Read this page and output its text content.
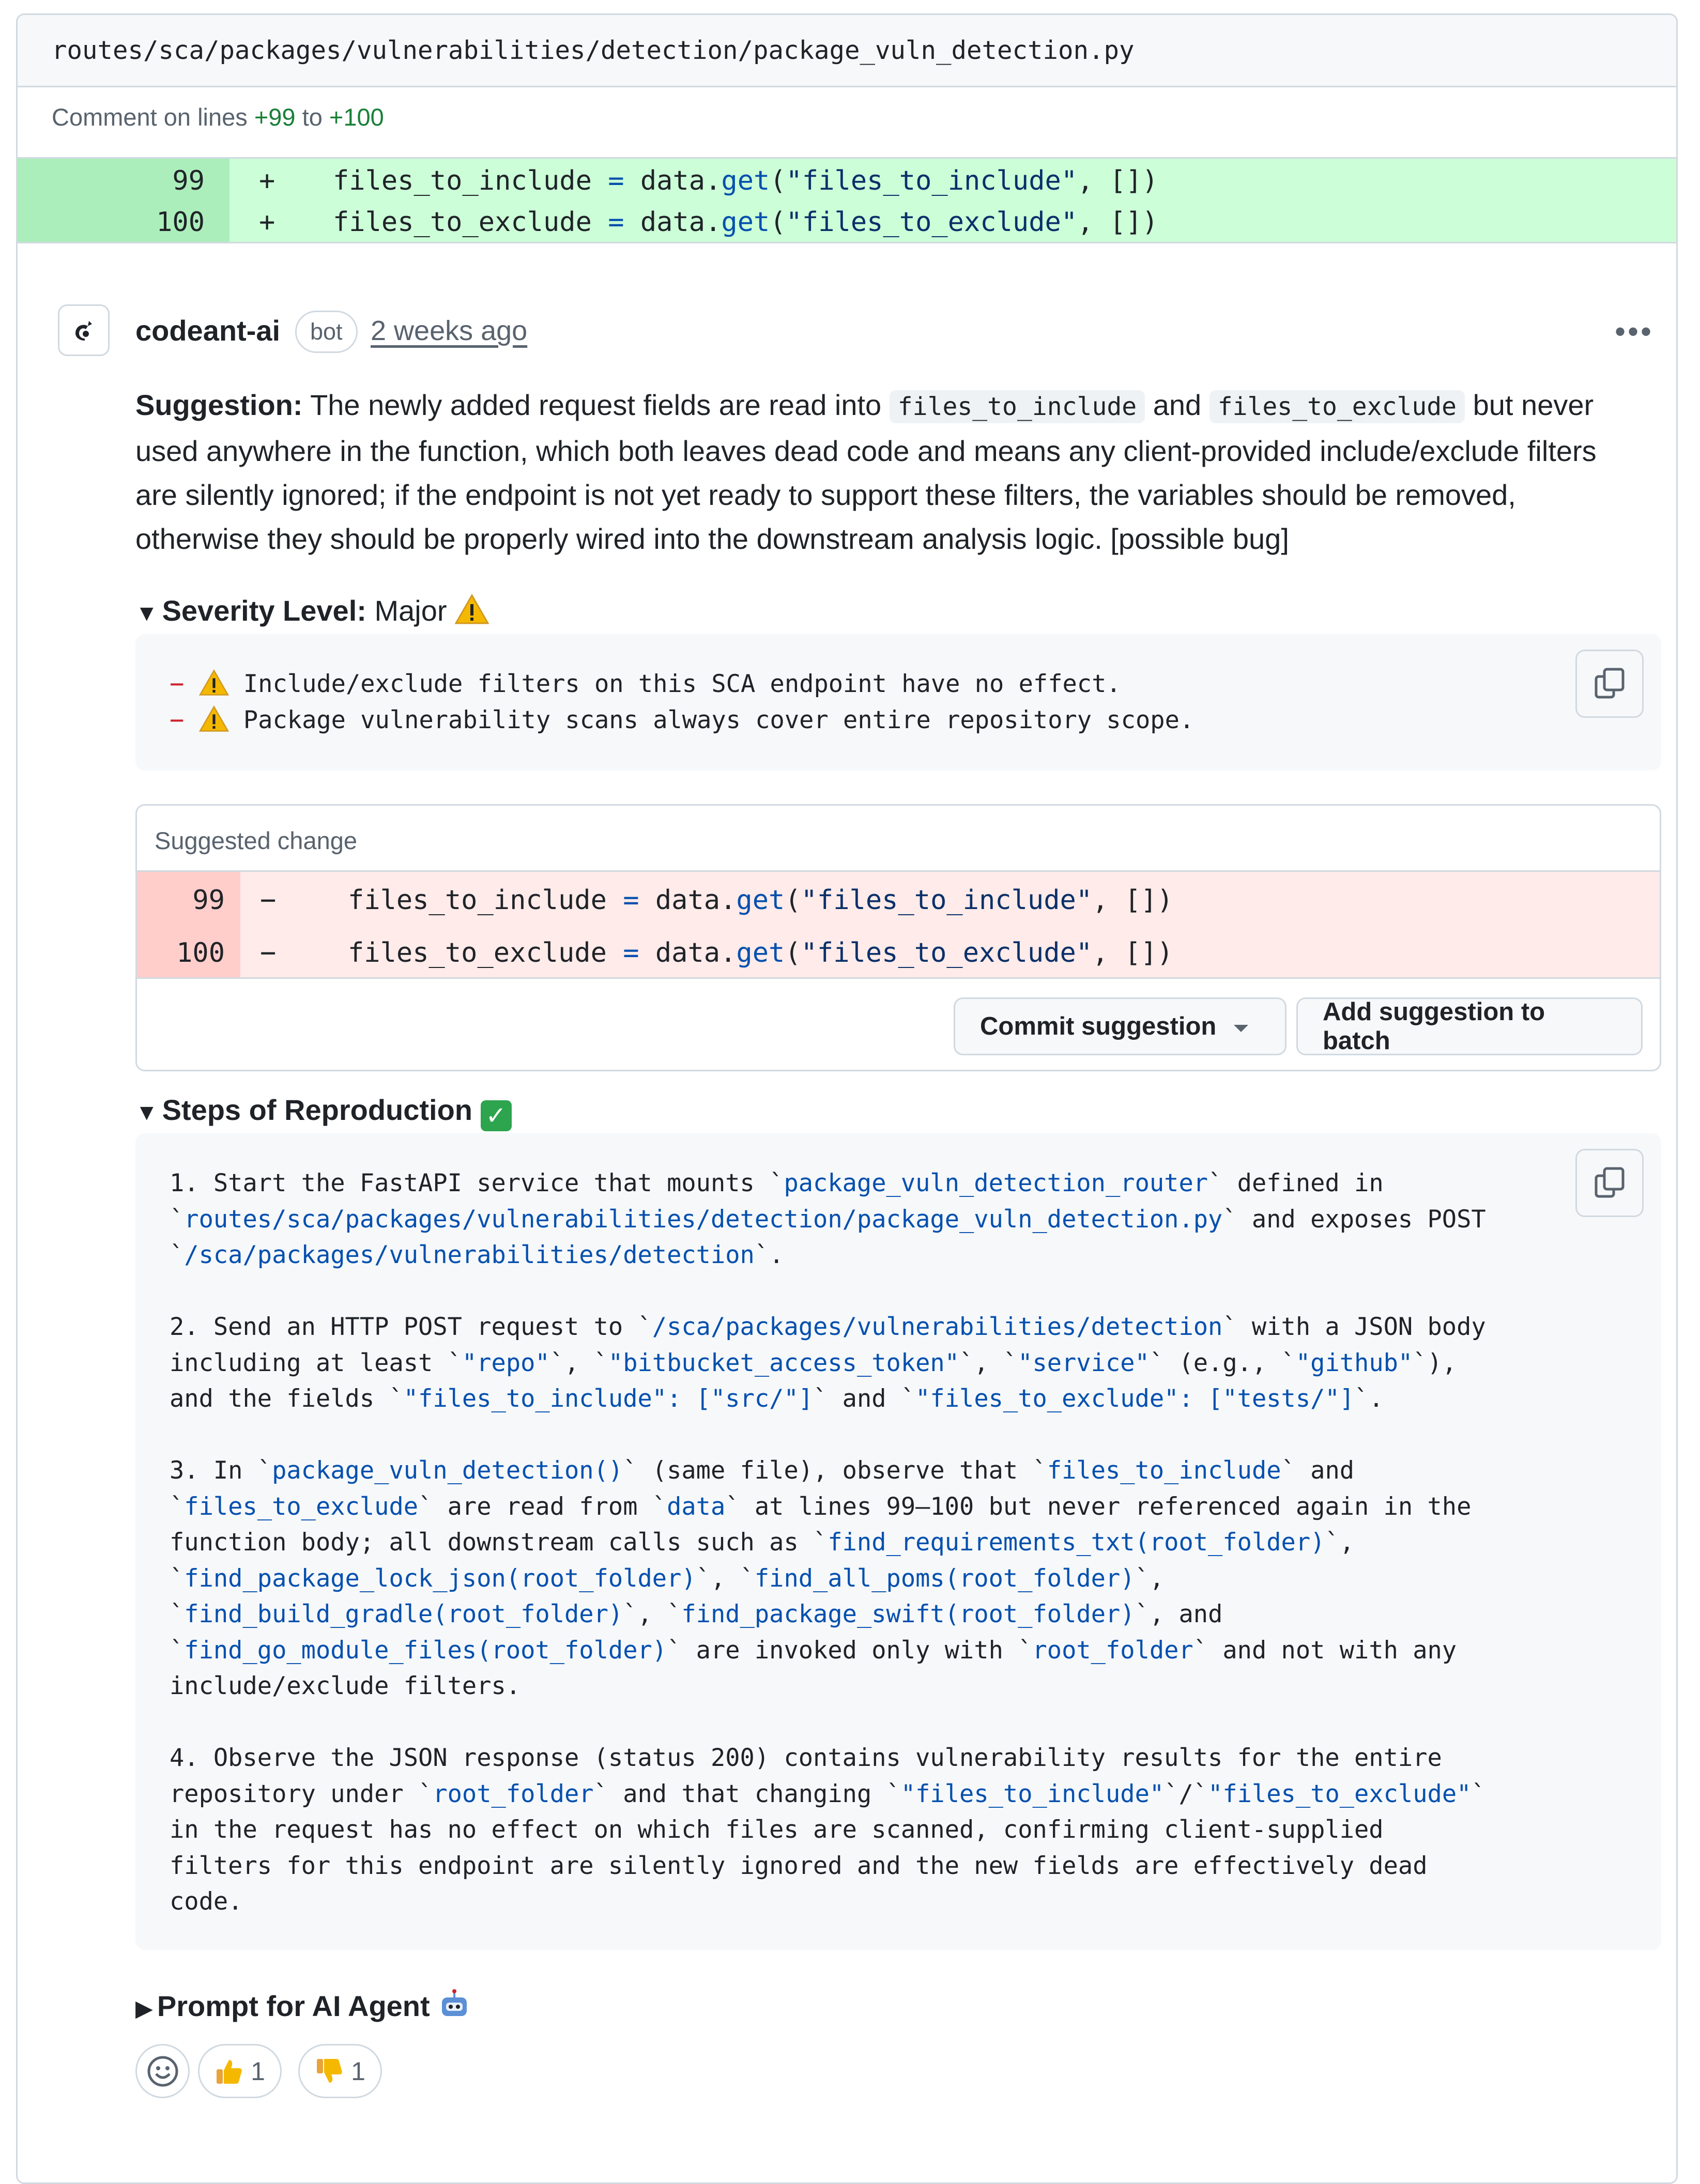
routes/sca/packages/vulnerabilities/detection/package_vuln_detection.py
Comment on lines +99 to +100
99 + files_to_include = data.get("files_to_include", [])
100 + files_to_exclude = data.get("files_to_exclude", [])
codeant-ai	bot	2 weeks ago	•••
Suggestion: The newly added request fields are read into files_to_include and files_to_exclude but never used anywhere in the function, which both leaves dead code and means any client-provided include/exclude filters are silently ignored; if the endpoint is not yet ready to support these filters, the variables should be removed, otherwise they should be properly wired into the downstream analysis logic. [possible bug]
▼ Severity Level: Major
− Include/exclude filters on this SCA endpoint have no effect.
− Package vulnerability scans always cover entire repository scope.
Suggested change
99 −	files_to_include = data.get("files_to_include", [])
100 −	files_to_exclude = data.get("files_to_exclude", [])
Commit suggestion
Add suggestion to batch
▼ Steps of Reproduction ✓
1. Start the FastAPI service that mounts `package_vuln_detection_router` defined in
`routes/sca/packages/vulnerabilities/detection/package_vuln_detection.py` and exposes POST
`/sca/packages/vulnerabilities/detection`.
2. Send an HTTP POST request to `/sca/packages/vulnerabilities/detection` with a JSON body
including at least `"repo"`, `"bitbucket_access_token"`, `"service"` (e.g., `"github"`),
and the fields `"files_to_include": ["src/"]` and `"files_to_exclude": ["tests/"]`.
3. In `package_vuln_detection()` (same file), observe that `files_to_include` and
`files_to_exclude` are read from `data` at lines 99–100 but never referenced again in the
function body; all downstream calls such as `find_requirements_txt(root_folder)`,
`find_package_lock_json(root_folder)`, `find_all_poms(root_folder)`,
`find_build_gradle(root_folder)`, `find_package_swift(root_folder)`, and
`find_go_module_files(root_folder)` are invoked only with `root_folder` and not with any
include/exclude filters.
4. Observe the JSON response (status 200) contains vulnerability results for the entire
repository under `root_folder` and that changing `"files_to_include"`/`"files_to_exclude"`
in the request has no effect on which files are scanned, confirming client-supplied
filters for this endpoint are silently ignored and the new fields are effectively dead
code.
▶ Prompt for AI Agent
1	1
